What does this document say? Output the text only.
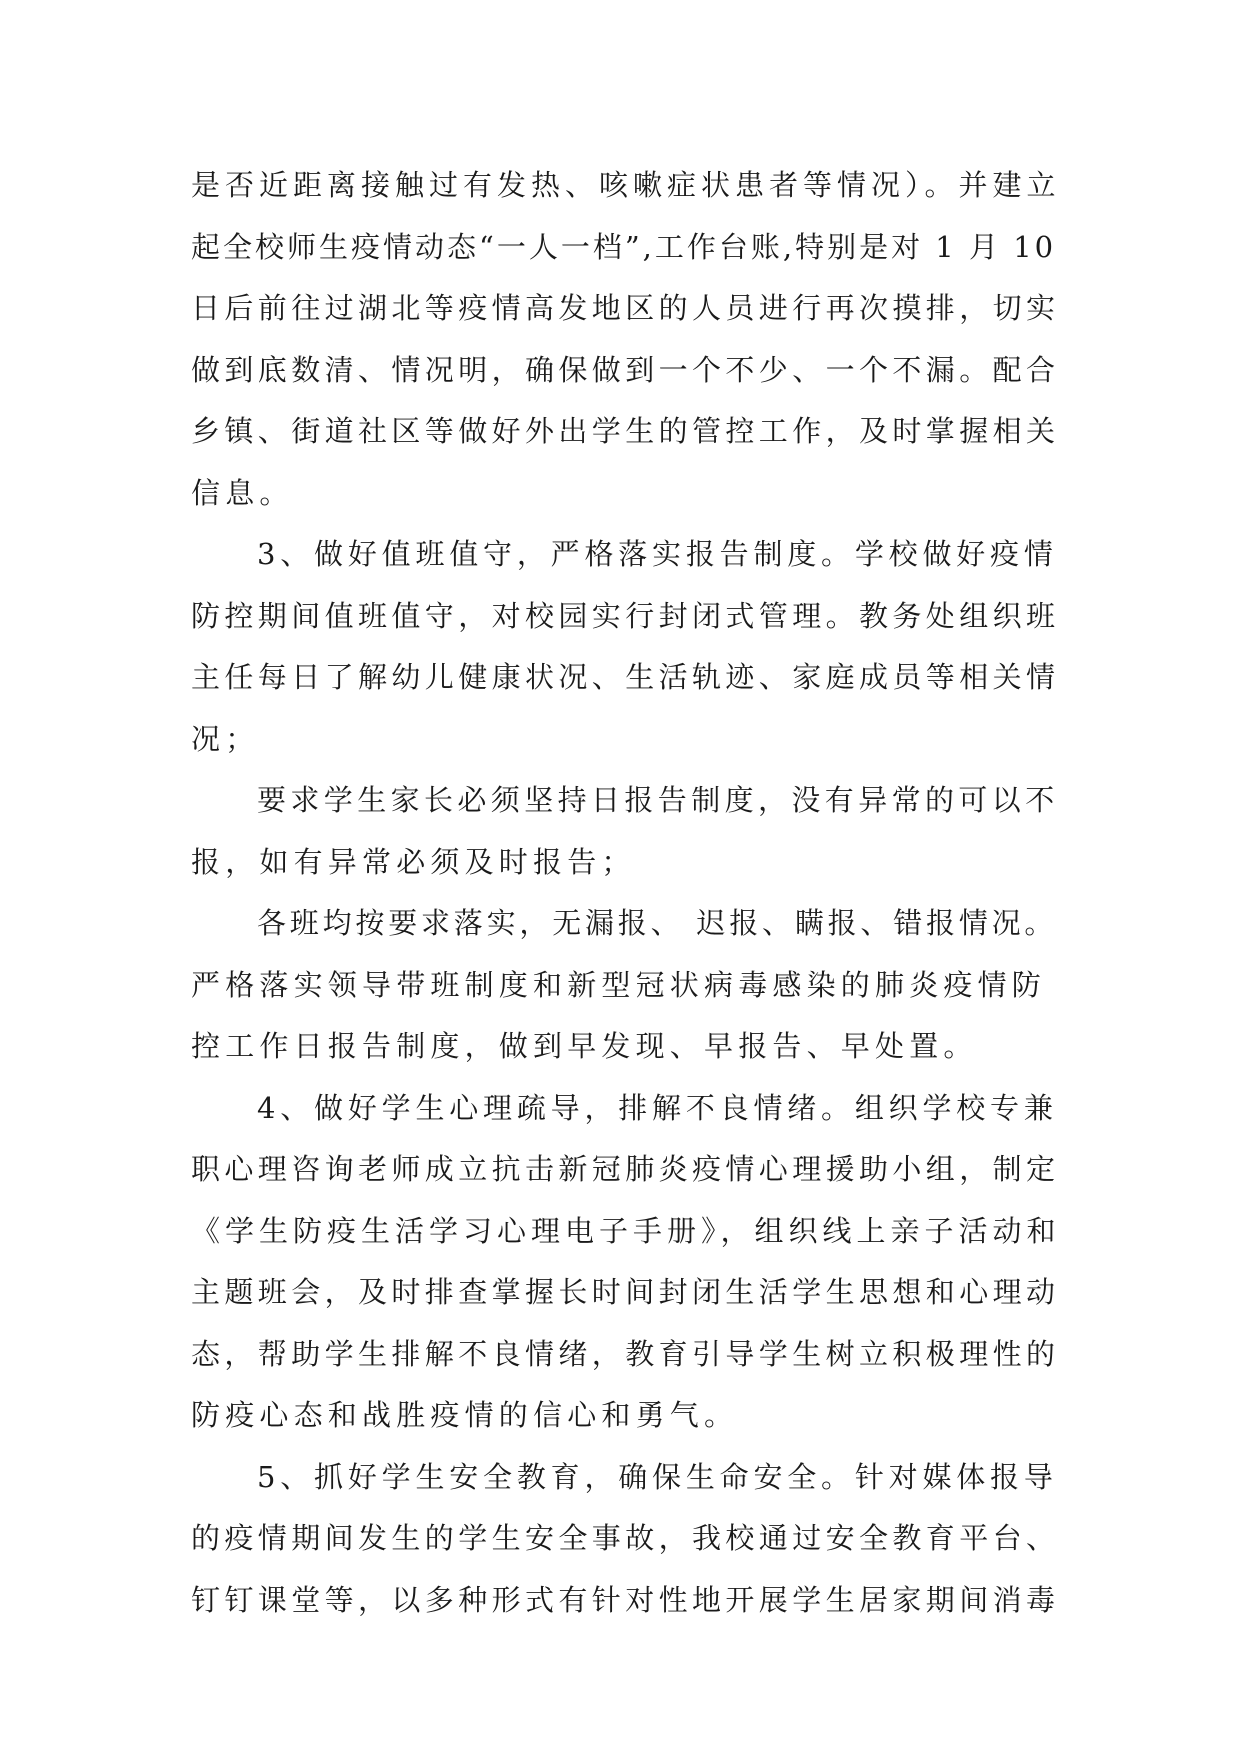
是否近距离接触过有发热、咳嗽症状患者等情况）。并建立
起全校师生疫情动态“一人一档”,工作台账,特别是对 1 月 10
日后前往过湖北等疫情高发地区的人员进行再次摸排，切实
做到底数清、情况明，确保做到一个不少、一个不漏。配合
乡镇、街道社区等做好外出学生的管控工作，及时掌握相关
信息。
3、做好值班值守，严格落实报告制度。学校做好疫情
防控期间值班值守，对校园实行封闭式管理。教务处组织班
主任每日了解幼儿健康状况、生活轨迹、家庭成员等相关情
况；
要求学生家长必须坚持日报告制度，没有异常的可以不
报，如有异常必须及时报告；
各班均按要求落实，无漏报、 迟报、瞒报、错报情况。
严格落实领导带班制度和新型冠状病毒感染的肺炎疫情防
控工作日报告制度，做到早发现、早报告、早处置。
4、做好学生心理疏导，排解不良情绪。组织学校专兼
职心理咨询老师成立抗击新冠肺炎疫情心理援助小组，制定
《学生防疫生活学习心理电子手册》，组织线上亲子活动和
主题班会，及时排查掌握长时间封闭生活学生思想和心理动
态，帮助学生排解不良情绪，教育引导学生树立积极理性的
防疫心态和战胜疫情的信心和勇气。
5、抓好学生安全教育，确保生命安全。针对媒体报导
的疫情期间发生的学生安全事故，我校通过安全教育平台、
钉钉课堂等，以多种形式有针对性地开展学生居家期间消毒
